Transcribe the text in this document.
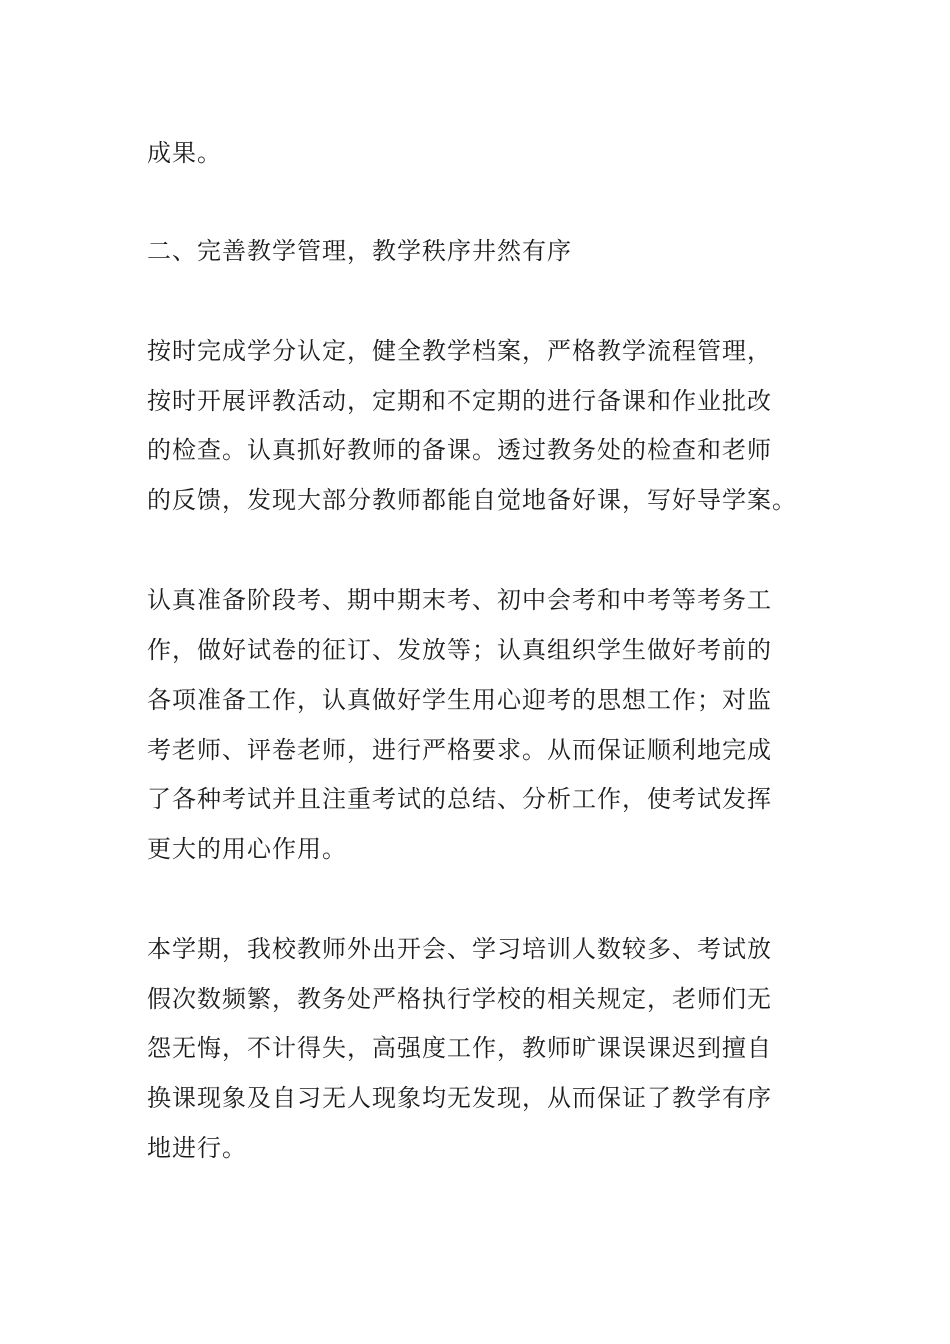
成果。
二、完善教学管理，教学秩序井然有序
按时完成学分认定，健全教学档案，严格教学流程管理，
按时开展评教活动，定期和不定期的进行备课和作业批改
的检查。认真抓好教师的备课。透过教务处的检查和老师
的反馈，发现大部分教师都能自觉地备好课，写好导学案。
认真准备阶段考、期中期末考、初中会考和中考等考务工
作，做好试卷的征订、发放等；认真组织学生做好考前的
各项准备工作，认真做好学生用心迎考的思想工作；对监
考老师、评卷老师，进行严格要求。从而保证顺利地完成
了各种考试并且注重考试的总结、分析工作，使考试发挥
更大的用心作用。
本学期，我校教师外出开会、学习培训人数较多、考试放
假次数频繁，教务处严格执行学校的相关规定，老师们无
怨无悔，不计得失，高强度工作，教师旷课误课迟到擅自
换课现象及自习无人现象均无发现，从而保证了教学有序
地进行。
